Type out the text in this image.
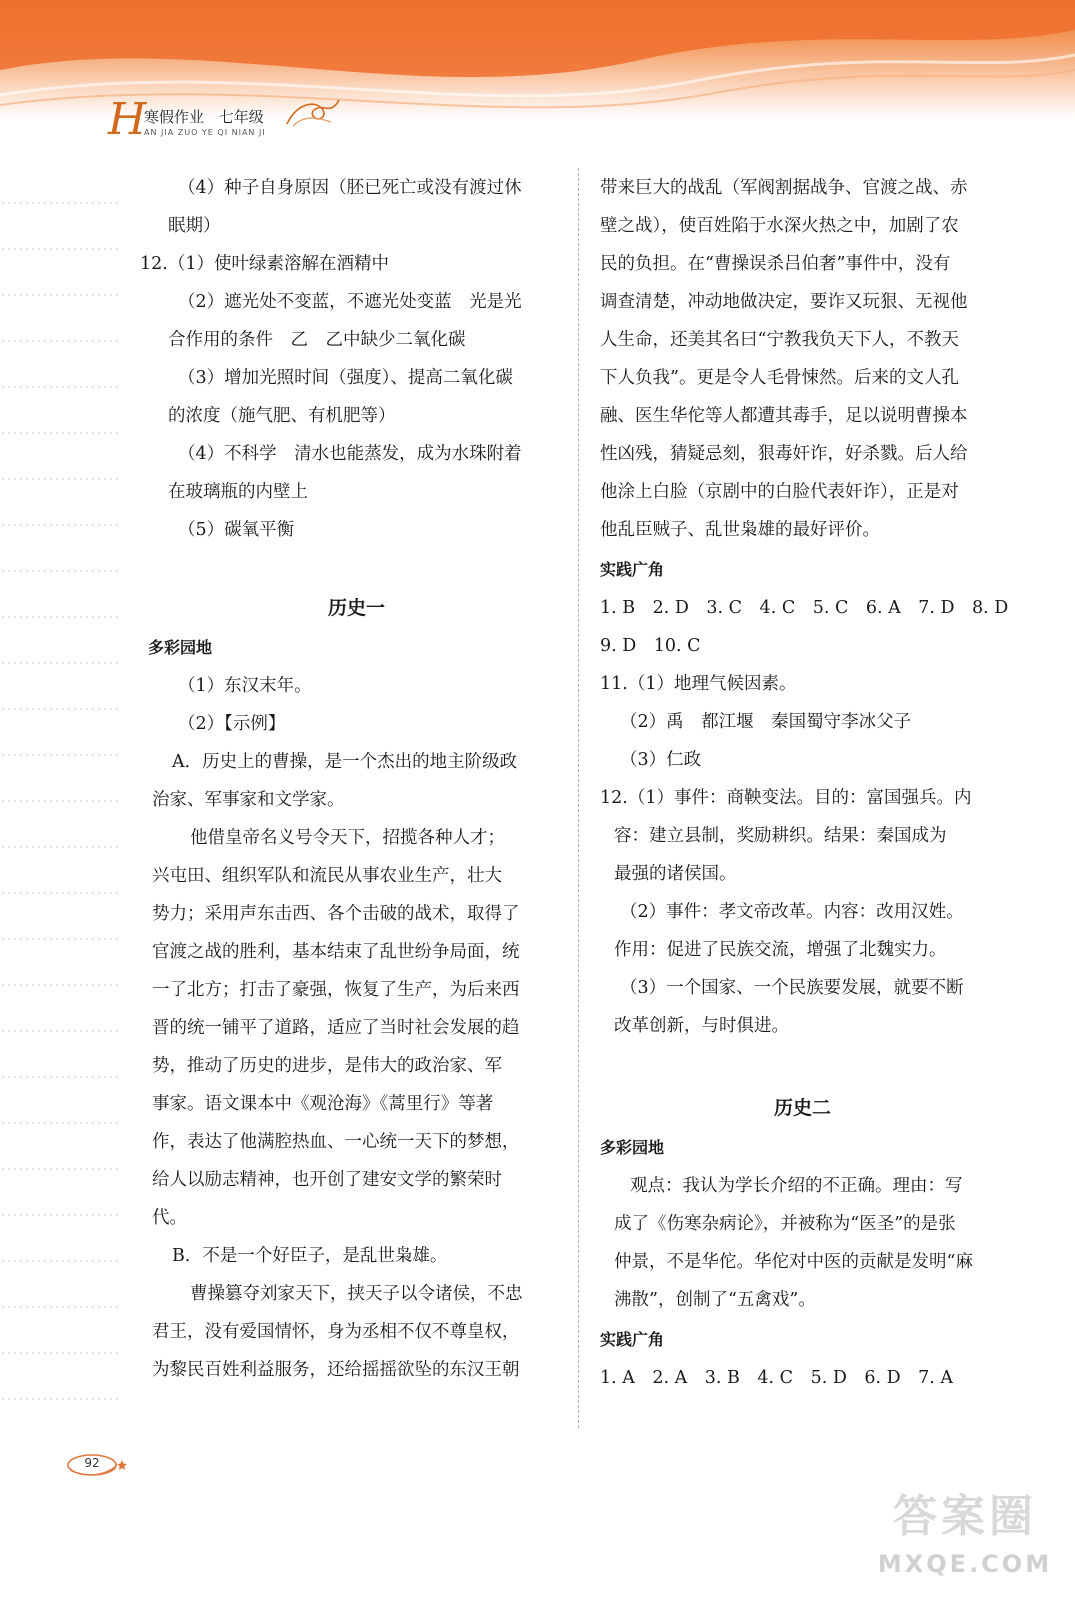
H
寒假作业 七年级
AN JIA ZUO YE QI NIAN JI
（4）种子自身原因（胚已死亡或没有渡过休
眠期）
12.（1）使叶绿素溶解在酒精中
（2）遮光处不变蓝，不遮光处变蓝　光是光
合作用的条件　乙　乙中缺少二氧化碳
（3）增加光照时间（强度）、提高二氧化碳
的浓度（施气肥、有机肥等）
（4）不科学　清水也能蒸发，成为水珠附着
在玻璃瓶的内壁上
（5）碳氧平衡
历史一
多彩园地
（1）东汉末年。
（2）【示例】
A．历史上的曹操，是一个杰出的地主阶级政
治家、军事家和文学家。
他借皇帝名义号令天下，招揽各种人才；
兴屯田、组织军队和流民从事农业生产，壮大
势力；采用声东击西、各个击破的战术，取得了
官渡之战的胜利，基本结束了乱世纷争局面，统
一了北方；打击了豪强，恢复了生产，为后来西
晋的统一铺平了道路，适应了当时社会发展的趋
势，推动了历史的进步，是伟大的政治家、军
事家。语文课本中《观沧海》《蒿里行》等著
作，表达了他满腔热血、一心统一天下的梦想，
给人以励志精神，也开创了建安文学的繁荣时
代。
B．不是一个好臣子，是乱世枭雄。
曹操篡夺刘家天下，挟天子以令诸侯，不忠
君王，没有爱国情怀，身为丞相不仅不尊皇权，
为黎民百姓利益服务，还给摇摇欲坠的东汉王朝
带来巨大的战乱（军阀割据战争、官渡之战、赤
壁之战），使百姓陷于水深火热之中，加剧了农
民的负担。在“曹操误杀吕伯奢”事件中，没有
调查清楚，冲动地做决定，要诈又玩狠、无视他
人生命，还美其名曰“宁教我负天下人，不教天
下人负我”。更是令人毛骨悚然。后来的文人孔
融、医生华佗等人都遭其毒手，足以说明曹操本
性凶残，猜疑忌刻，狠毒奸诈，好杀戮。后人给
他涂上白脸（京剧中的白脸代表奸诈），正是对
他乱臣贼子、乱世枭雄的最好评价。
实践广角
1. B　2. D　3. C　4. C　5. C　6. A　7. D　8. D
9. D　10. C
11.（1）地理气候因素。
（2）禹　都江堰　秦国蜀守李冰父子
（3）仁政
12.（1）事件：商鞅变法。目的：富国强兵。内
容：建立县制，奖励耕织。结果：秦国成为
最强的诸侯国。
（2）事件：孝文帝改革。内容：改用汉姓。
作用：促进了民族交流，增强了北魏实力。
（3）一个国家、一个民族要发展，就要不断
改革创新，与时俱进。
历史二
多彩园地
观点：我认为学长介绍的不正确。理由：写
成了《伤寒杂病论》，并被称为“医圣”的是张
仲景，不是华佗。华佗对中医的贡献是发明“麻
沸散”，创制了“五禽戏”。
实践广角
1. A　2. A　3. B　4. C　5. D　6. D　7. A
92
答案圈
MXQE.COM
